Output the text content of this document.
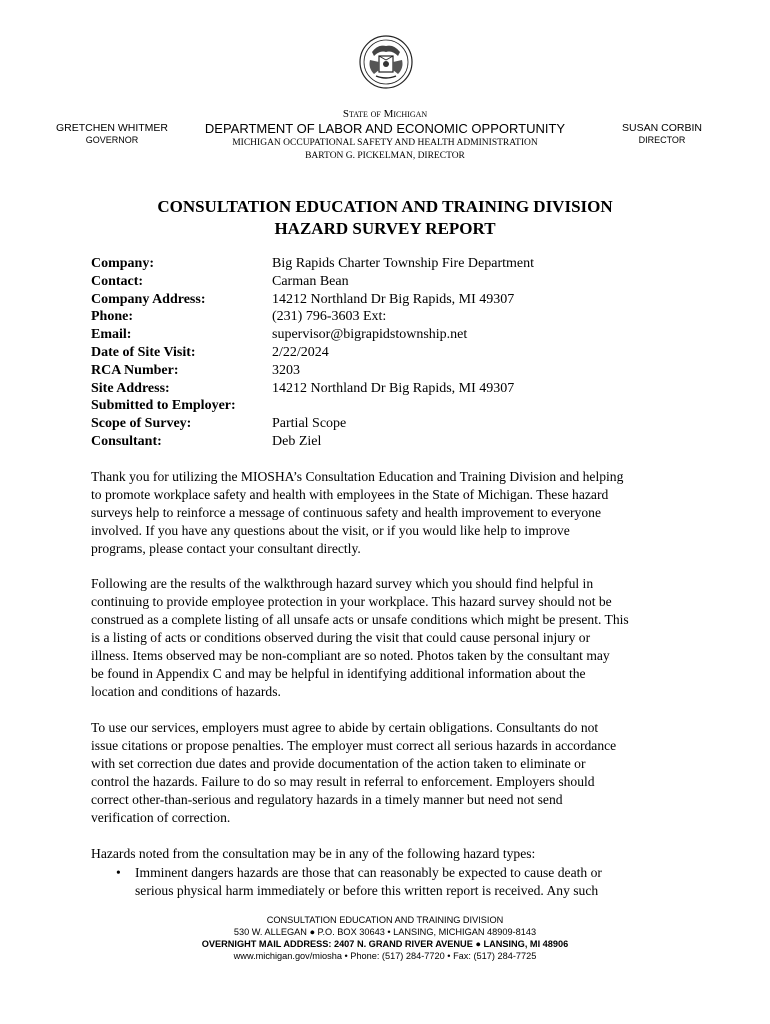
GRETCHEN WHITMER
GOVERNOR
State of Michigan
DEPARTMENT OF LABOR AND ECONOMIC OPPORTUNITY
MICHIGAN OCCUPATIONAL SAFETY AND HEALTH ADMINISTRATION
BARTON G. PICKELMAN, DIRECTOR
SUSAN CORBIN
DIRECTOR
CONSULTATION EDUCATION AND TRAINING DIVISION
HAZARD SURVEY REPORT
Company:	Big Rapids Charter Township Fire Department
Contact:	Carman Bean
Company Address:	14212 Northland Dr Big Rapids, MI 49307
Phone:	(231) 796-3603 Ext:
Email:	supervisor@bigrapidstownship.net
Date of Site Visit:	2/22/2024
RCA Number:	3203
Site Address:	14212 Northland Dr Big Rapids, MI 49307
Submitted to Employer:
Scope of Survey:	Partial Scope
Consultant:	Deb Ziel
Thank you for utilizing the MIOSHA’s Consultation Education and Training Division and helping
to promote workplace safety and health with employees in the State of Michigan. These hazard
surveys help to reinforce a message of continuous safety and health improvement to everyone
involved. If you have any questions about the visit, or if you would like help to improve
programs, please contact your consultant directly.
Following are the results of the walkthrough hazard survey which you should find helpful in
continuing to provide employee protection in your workplace. This hazard survey should not be
construed as a complete listing of all unsafe acts or unsafe conditions which might be present. This
is a listing of acts or conditions observed during the visit that could cause personal injury or
illness. Items observed may be non-compliant are so noted. Photos taken by the consultant may
be found in Appendix C and may be helpful in identifying additional information about the
location and conditions of hazards.
To use our services, employers must agree to abide by certain obligations. Consultants do not
issue citations or propose penalties. The employer must correct all serious hazards in accordance
with set correction due dates and provide documentation of the action taken to eliminate or
control the hazards. Failure to do so may result in referral to enforcement. Employers should
correct other-than-serious and regulatory hazards in a timely manner but need not send
verification of correction.
Hazards noted from the consultation may be in any of the following hazard types:
• Imminent dangers hazards are those that can reasonably be expected to cause death or
serious physical harm immediately or before this written report is received. Any such
CONSULTATION EDUCATION AND TRAINING DIVISION
530 W. ALLEGAN ● P.O. BOX 30643 • LANSING, MICHIGAN 48909-8143
OVERNIGHT MAIL ADDRESS: 2407 N. GRAND RIVER AVENUE ● LANSING, MI 48906
www.michigan.gov/miosha • Phone: (517) 284-7720 • Fax: (517) 284-7725
